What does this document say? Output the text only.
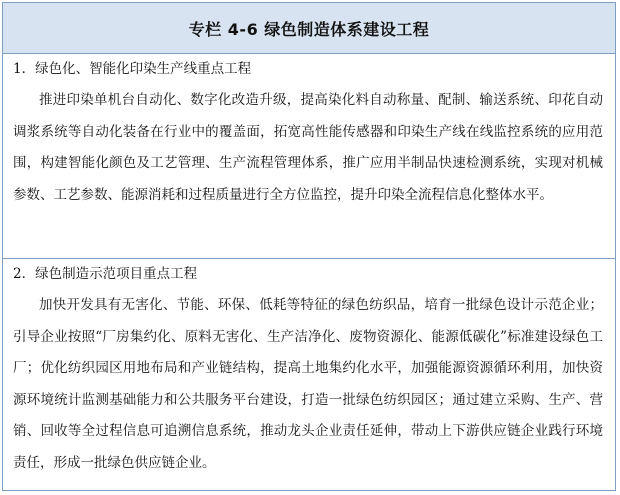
专栏 4-6 绿色制造体系建设工程
1．绿色化、智能化印染生产线重点工程

推进印染单机台自动化、数字化改造升级，提高染化料自动称量、配制、输送系统、印花自动调浆系统等自动化装备在行业中的覆盖面，拓宽高性能传感器和印染生产线在线监控系统的应用范围，构建智能化颜色及工艺管理、生产流程管理体系，推广应用半制品快速检测系统，实现对机械参数、工艺参数、能源消耗和过程质量进行全方位监控，提升印染全流程信息化整体水平。

2．绿色制造示范项目重点工程

加快开发具有无害化、节能、环保、低耗等特征的绿色纺织品，培育一批绿色设计示范企业；引导企业按照“厂房集约化、原料无害化、生产洁净化、废物资源化、能源低碳化”标准建设绿色工厂；优化纺织园区用地布局和产业链结构，提高土地集约化水平，加强能源资源循环利用，加快资源环境统计监测基础能力和公共服务平台建设，打造一批绿色纺织园区；通过建立采购、生产、营销、回收等全过程信息可追溯信息系统，推动龙头企业责任延伸，带动上下游供应链企业践行环境责任，形成一批绿色供应链企业。
